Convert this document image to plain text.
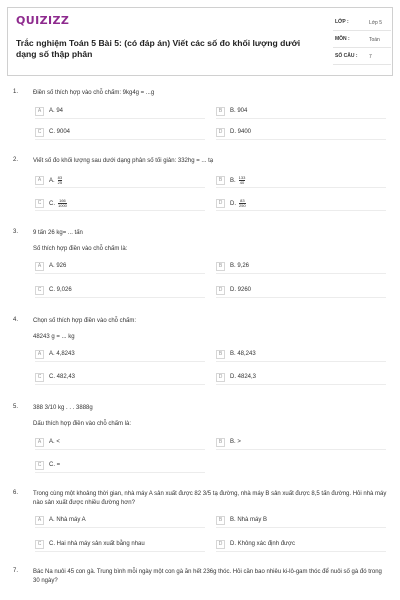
QUIZIZZ
Trắc nghiệm Toán 5 Bài 5: (có đáp án) Viết các số đo khối lượng dưới dạng số thập phân
LỚP :	Lớp 5
MÔN :	Toán
SỐ CÂU :	7
1. Điền số thích hợp vào chỗ chấm: 9kg4g = ...g
A	A. 94	B	B. 904
C	C. 9004	D	D. 9400
2. Viết số đo khối lượng sau dưới dạng phân số tối giản: 332hg = ... tạ
A	A. $\frac{83}{25}$	B	B. $\frac{133}{40}$
C	C. $\frac{166}{1000}$	D	D. $\frac{83}{250}$
3. 9 tấn 26 kg= ... tấn
Số thích hợp điền vào chỗ chấm là:
A	A. 926	B	B. 9,26
C	C. 9,026	D	D. 9260
4. Chọn số thích hợp điền vào chỗ chấm:
48243 g = ... kg
A	A. 4,8243	B	B. 48,243
C	C. 482,43	D	D. 4824,3
5. 388 3/10 kg . . . 3888g
Dấu thích hợp điền vào chỗ chấm là:
A	A. <	B	B. >
C	C. =
6. Trong cùng một khoảng thời gian, nhà máy A sản xuất được 82 3/5 tạ đường, nhà máy B sản xuất được 8,5 tấn đường. Hỏi nhà máy nào sản xuất được nhiều đường hơn?
A	A. Nhà máy A	B	B. Nhà máy B
C	C. Hai nhà máy sản xuất bằng nhau	D	D. Không xác định được
7. Bác Na nuôi 45 con gà. Trung bình mỗi ngày một con gà ăn hết 236g thóc. Hỏi cần bao nhiêu ki-lô-gam thóc để nuôi số gà đó trong 30 ngày?
